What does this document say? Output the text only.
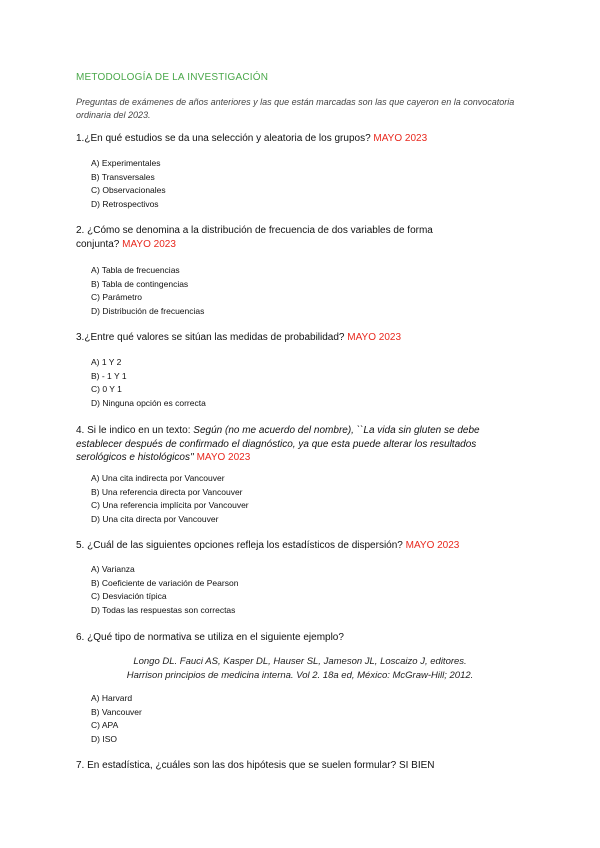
METODOLOGÍA DE LA INVESTIGACIÓN
Preguntas de exámenes de años anteriores y las que están marcadas son las que cayeron en la convocatoria ordinaria del 2023.
1.¿En qué estudios se da una selección y aleatoria de los grupos? MAYO 2023
A) Experimentales
B) Transversales
C) Observacionales
D) Retrospectivos
2. ¿Cómo se denomina a la distribución de frecuencia de dos variables de forma conjunta? MAYO 2023
A) Tabla de frecuencias
B) Tabla de contingencias
C) Parámetro
D) Distribución de frecuencias
3.¿Entre qué valores se sitúan las medidas de probabilidad? MAYO 2023
A) 1 Y 2
B) - 1 Y 1
C) 0 Y 1
D) Ninguna opción es correcta
4. Si le indico en un texto: Según (no me acuerdo del nombre), ``La vida sin gluten se debe establecer después de confirmado el diagnóstico, ya que esta puede alterar los resultados serológicos e histológicos'' MAYO 2023
A) Una cita indirecta por Vancouver
B) Una referencia directa por Vancouver
C) Una referencia implícita por Vancouver
D) Una cita directa por Vancouver
5. ¿Cuál de las siguientes opciones refleja los estadísticos de dispersión? MAYO 2023
A) Varianza
B) Coeficiente de variación de Pearson
C) Desviación típica
D) Todas las respuestas son correctas
6. ¿Qué tipo de normativa se utiliza en el siguiente ejemplo?
Longo DL. Fauci AS, Kasper DL, Hauser SL, Jameson JL, Loscaizo J, editores.
Harrison principios de medicina interna. Vol 2. 18a ed, México: McGraw-Hill; 2012.
A) Harvard
B) Vancouver
C) APA
D) ISO
7. En estadística, ¿cuáles son las dos hipótesis que se suelen formular? SI BIEN
